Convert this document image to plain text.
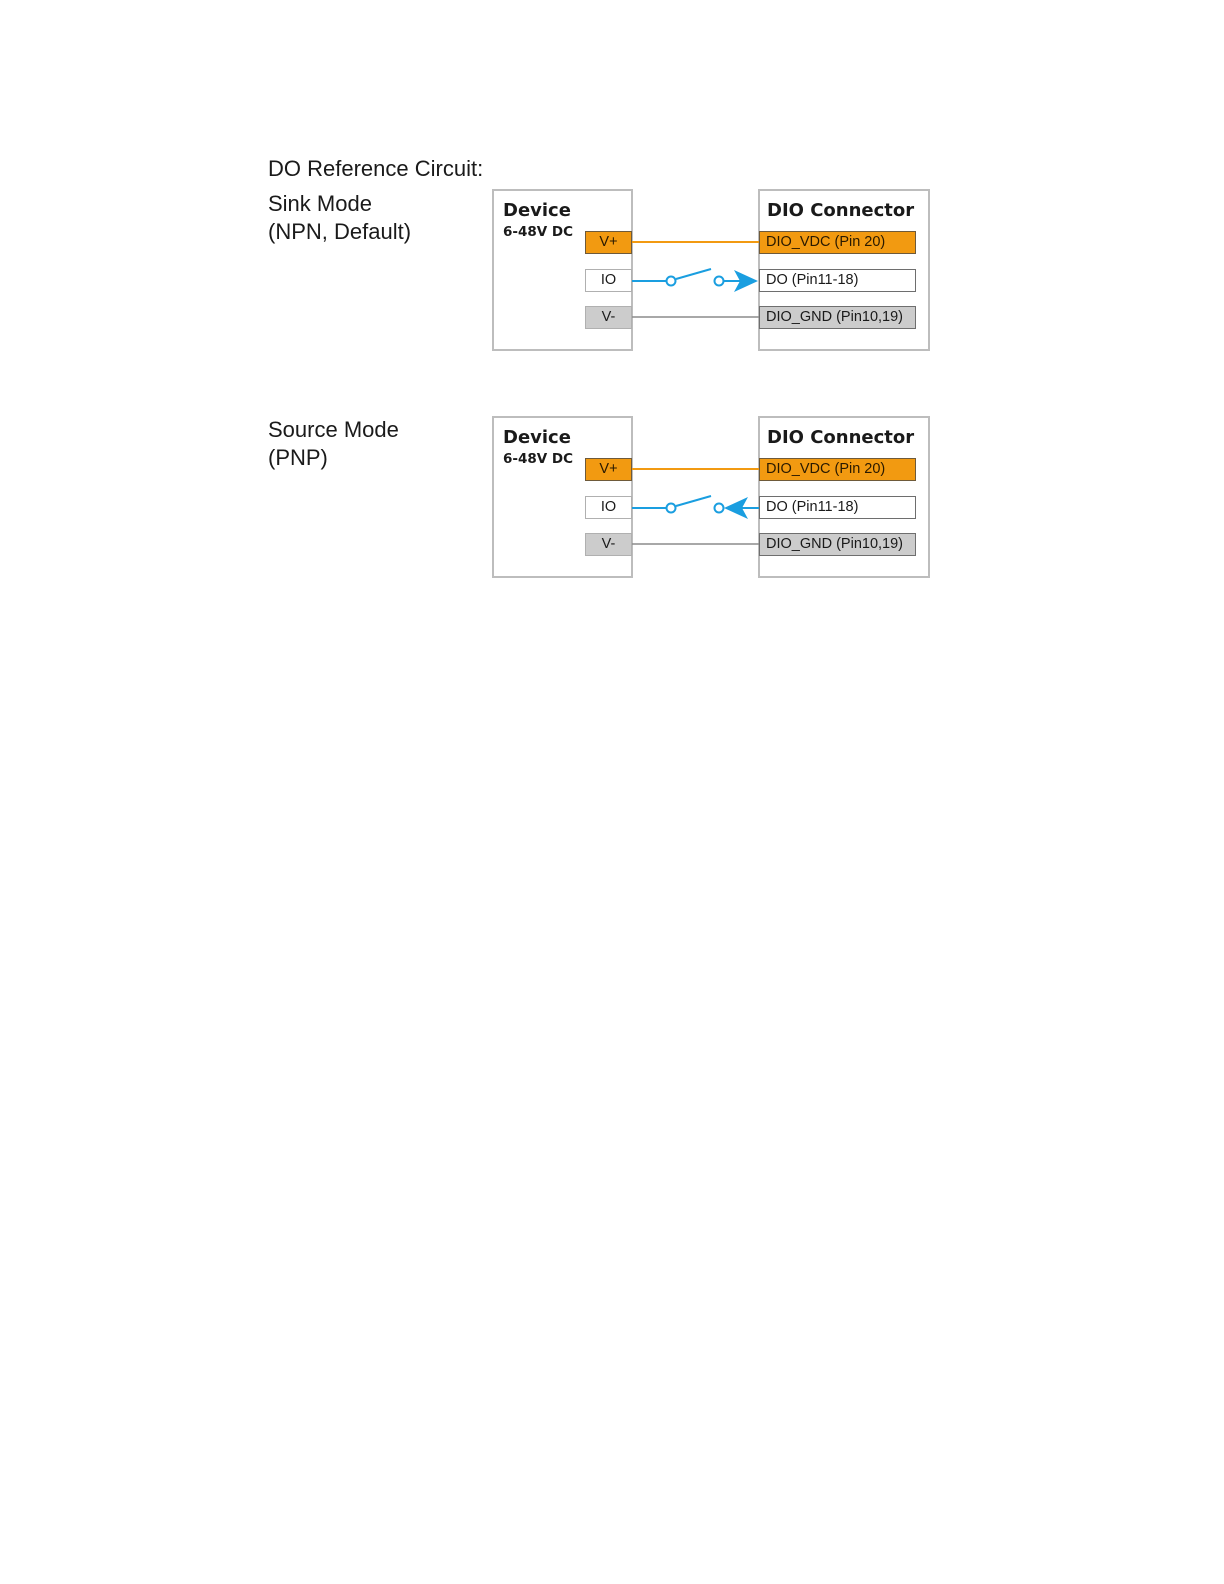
DO Reference Circuit:
Sink Mode
(NPN, Default)
Device
6-48V DC
DIO Connector
V+
IO
V-
DIO_VDC (Pin 20)
DO (Pin11-18)
DIO_GND (Pin10,19)
Source Mode
(PNP)
Device
6-48V DC
DIO Connector
V+
IO
V-
DIO_VDC (Pin 20)
DO (Pin11-18)
DIO_GND (Pin10,19)
